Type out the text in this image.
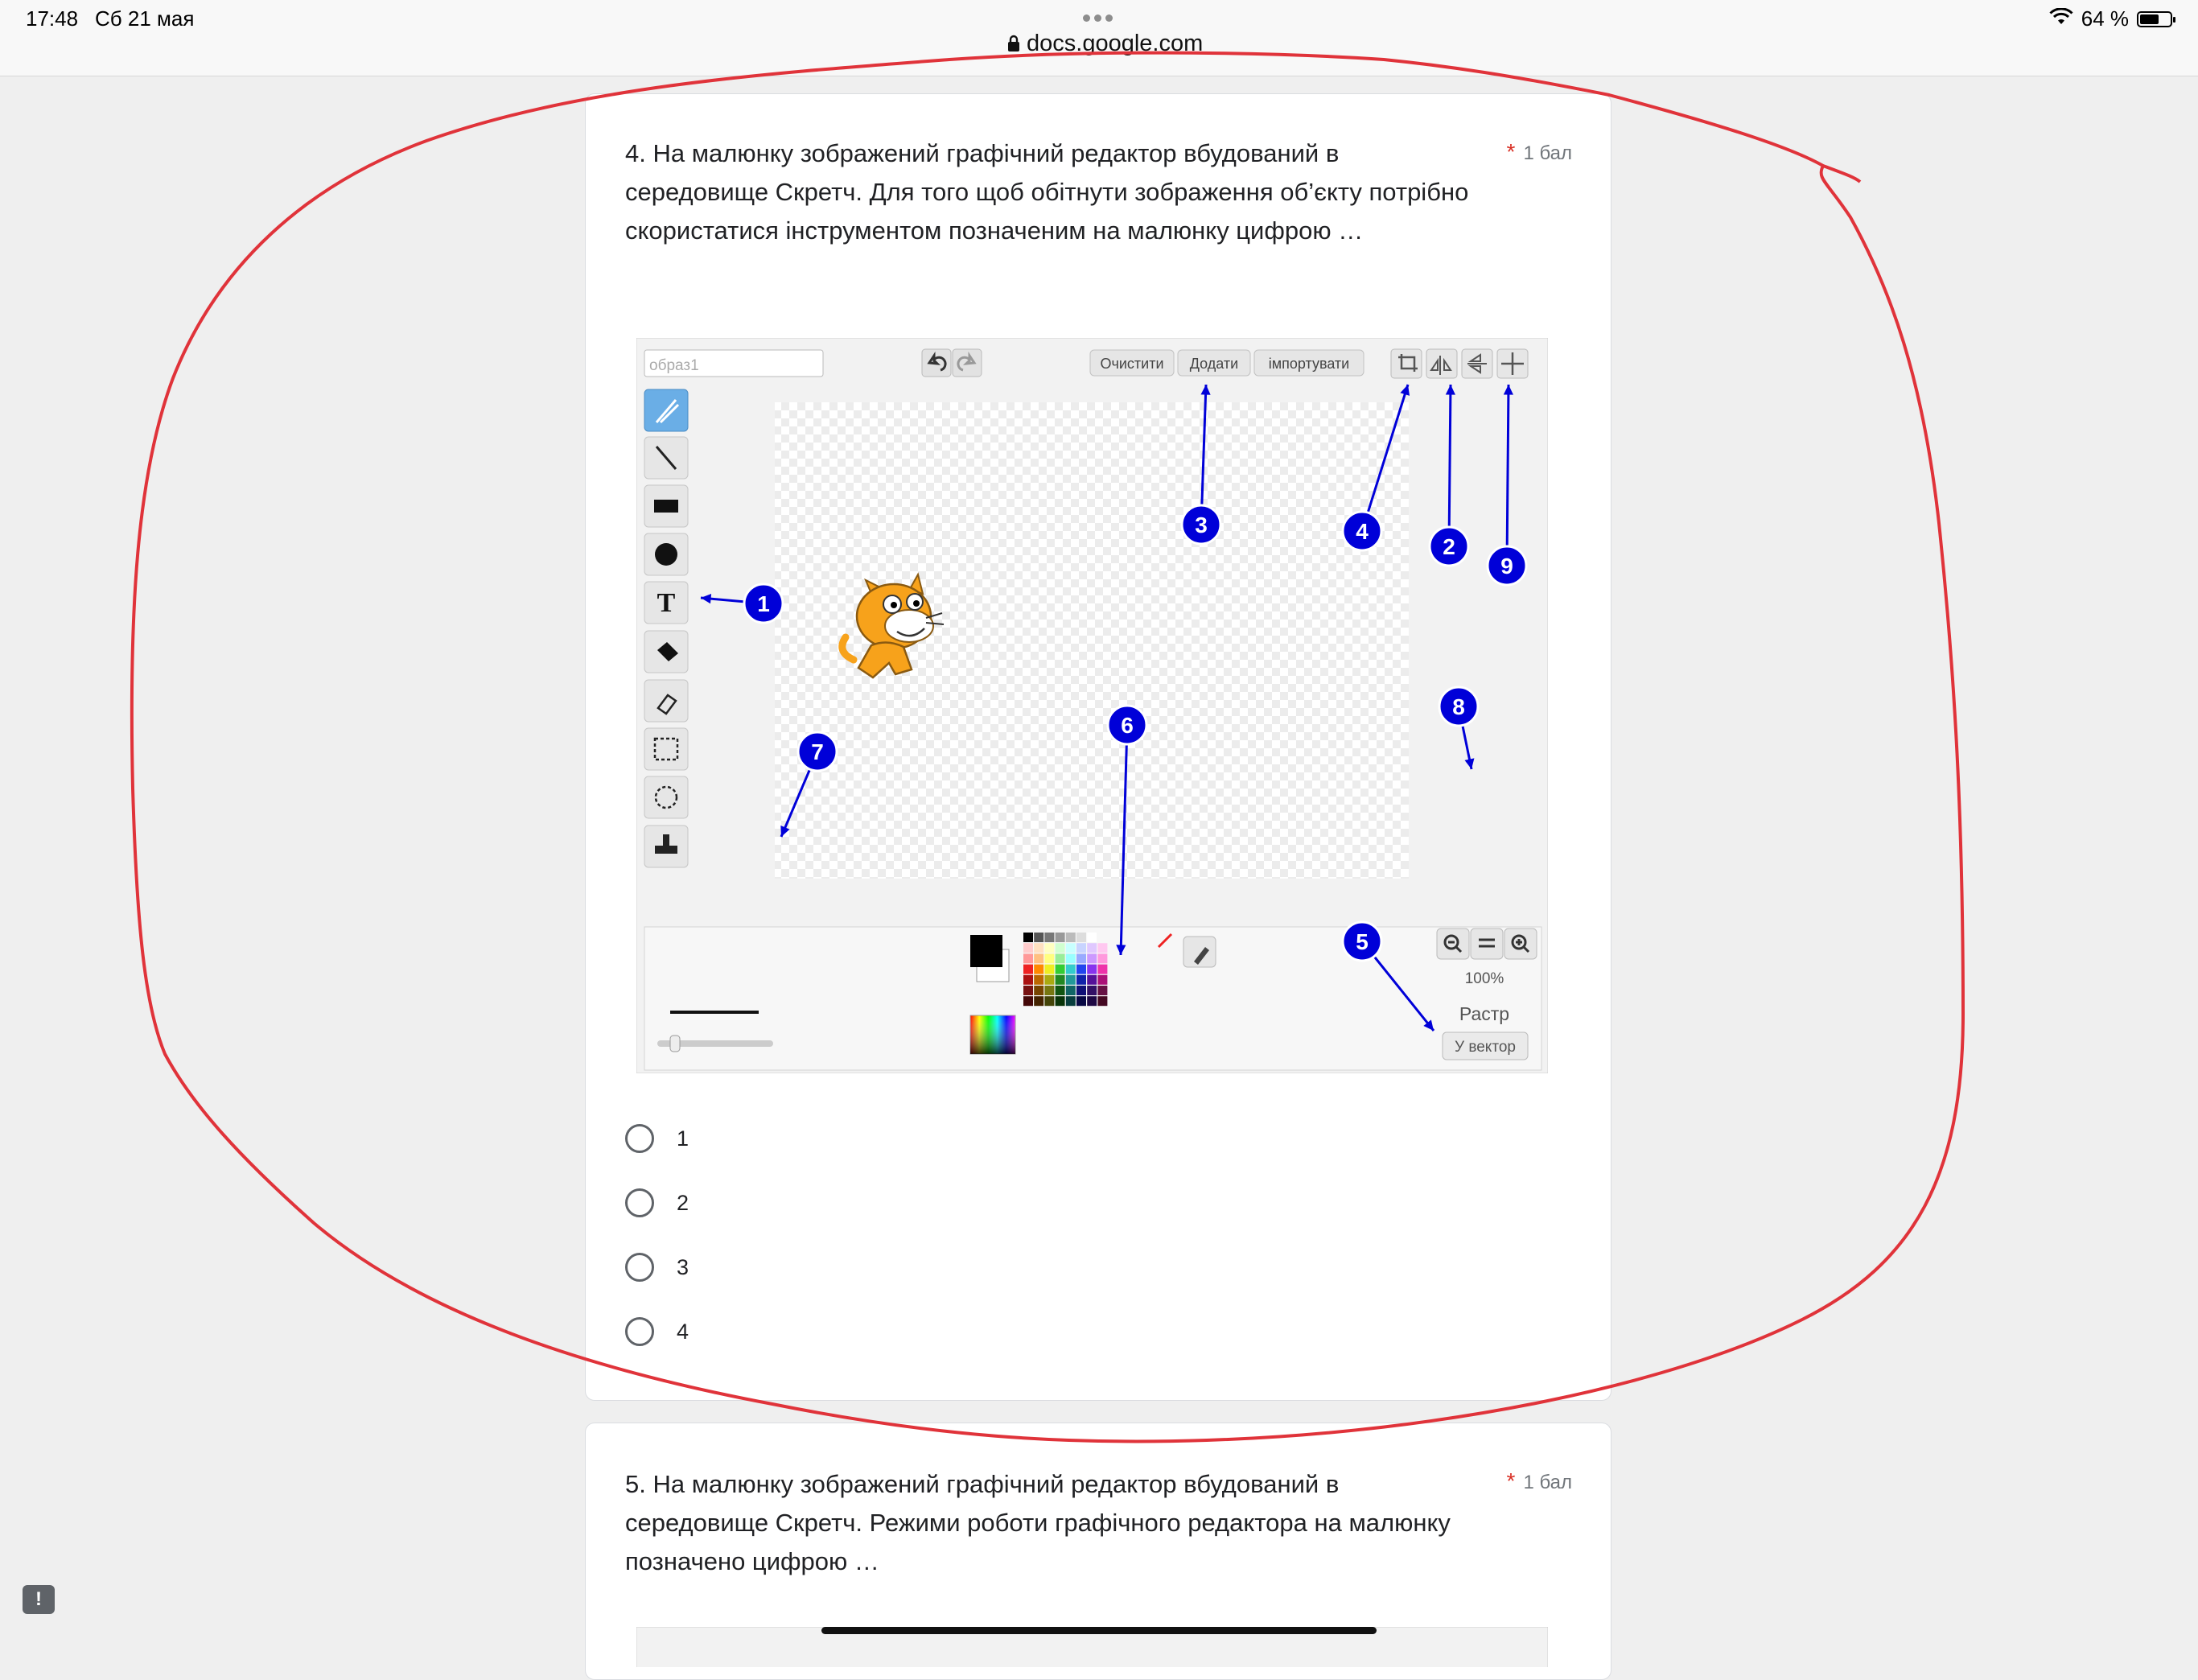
17:48 Сб 21 мая
docs.google.com
64 %
4. На малюнку зображений графічний редактор вбудований в середовище Скретч. Для того щоб обітнути зображення об’єкту потрібно скористатися інструментом позначеним на малюнку цифрою …
* 1 бал
образ1	Очистити Додати імпортувати
T
100%
Растр
У вектор
1
2
3	4
5
6
7
8
9
1
2
3
4
5. На малюнку зображений графічний редактор вбудований в середовище Скретч. Режими роботи графічного редактора на малюнку позначено цифрою …
* 1 бал
!
